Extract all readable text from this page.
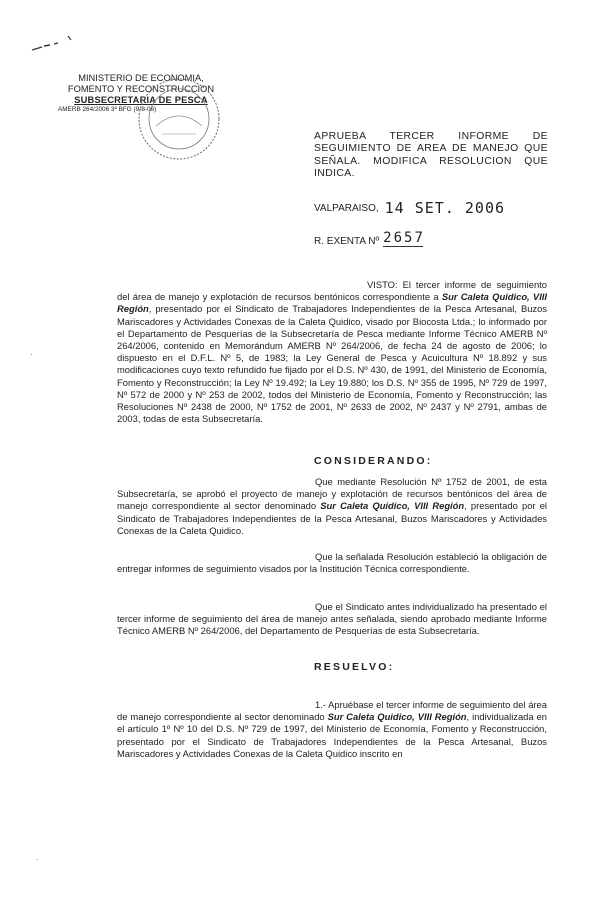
MINISTERIO DE ECONOMIA,
FOMENTO Y RECONSTRUCCION
SUBSECRETARIA DE PESCA
AMERB 264/2006 3ª BFG (9-8-06)
APRUEBA TERCER INFORME DE
SEGUIMIENTO DE AREA DE MANEJO QUE
SEÑALA. MODIFICA RESOLUCION QUE
INDICA.
VALPARAISO, 14 SET. 2006
R. EXENTA Nº 2657
VISTO: El tercer informe de seguimiento del área de manejo y explotación de recursos bentónicos correspondiente a Sur Caleta Quidico, VIII Región, presentado por el Sindicato de Trabajadores Independientes de la Pesca Artesanal, Buzos Mariscadores y Actividades Conexas de la Caleta Quidico, visado por Biocosta Ltda.; lo informado por el Departamento de Pesquerías de la Subsecretaría de Pesca mediante Informe Técnico AMERB Nº 264/2006, contenido en Memorándum AMERB Nº 264/2006, de fecha 24 de agosto de 2006; lo dispuesto en el D.F.L. Nº 5, de 1983; la Ley General de Pesca y Acuicultura Nº 18.892 y sus modificaciones cuyo texto refundido fue fijado por el D.S. Nº 430, de 1991, del Ministerio de Economía, Fomento y Reconstrucción; la Ley Nº 19.492; la Ley 19.880; los D.S. Nº 355 de 1995, Nº 729 de 1997, Nº 572 de 2000 y Nº 253 de 2002, todos del Ministerio de Economía, Fomento y Reconstrucción; las Resoluciones Nº 2438 de 2000, Nº 1752 de 2001, Nº 2633 de 2002, Nº 2437 y Nº 2791, ambas de 2003, todas de esta Subsecretaría.
CONSIDERANDO:
Que mediante Resolución Nº 1752 de 2001, de esta Subsecretaría, se aprobó el proyecto de manejo y explotación de recursos bentónicos del área de manejo correspondiente al sector denominado Sur Caleta Quidico, VIII Región, presentado por el Sindicato de Trabajadores Independientes de la Pesca Artesanal, Buzos Mariscadores y Actividades Conexas de la Caleta Quidico.
Que la señalada Resolución estableció la obligación de entregar informes de seguimiento visados por la Institución Técnica correspondiente.
Que el Sindicato antes individualizado ha presentado el tercer informe de seguimiento del área de manejo antes señalada, siendo aprobado mediante Informe Técnico AMERB Nº 264/2006, del Departamento de Pesquerías de esta Subsecretaría.
RESUELVO:
1.- Apruébase el tercer informe de seguimiento del área de manejo correspondiente al sector denominado Sur Caleta Quidico, VIII Región, individualizada en el artículo 1º Nº 10 del D.S. Nº 729 de 1997, del Ministerio de Economía, Fomento y Reconstrucción, presentado por el Sindicato de Trabajadores Independientes de la Pesca Artesanal, Buzos Mariscadores y Actividades Conexas de la Caleta Quidico inscrito en
·
·
